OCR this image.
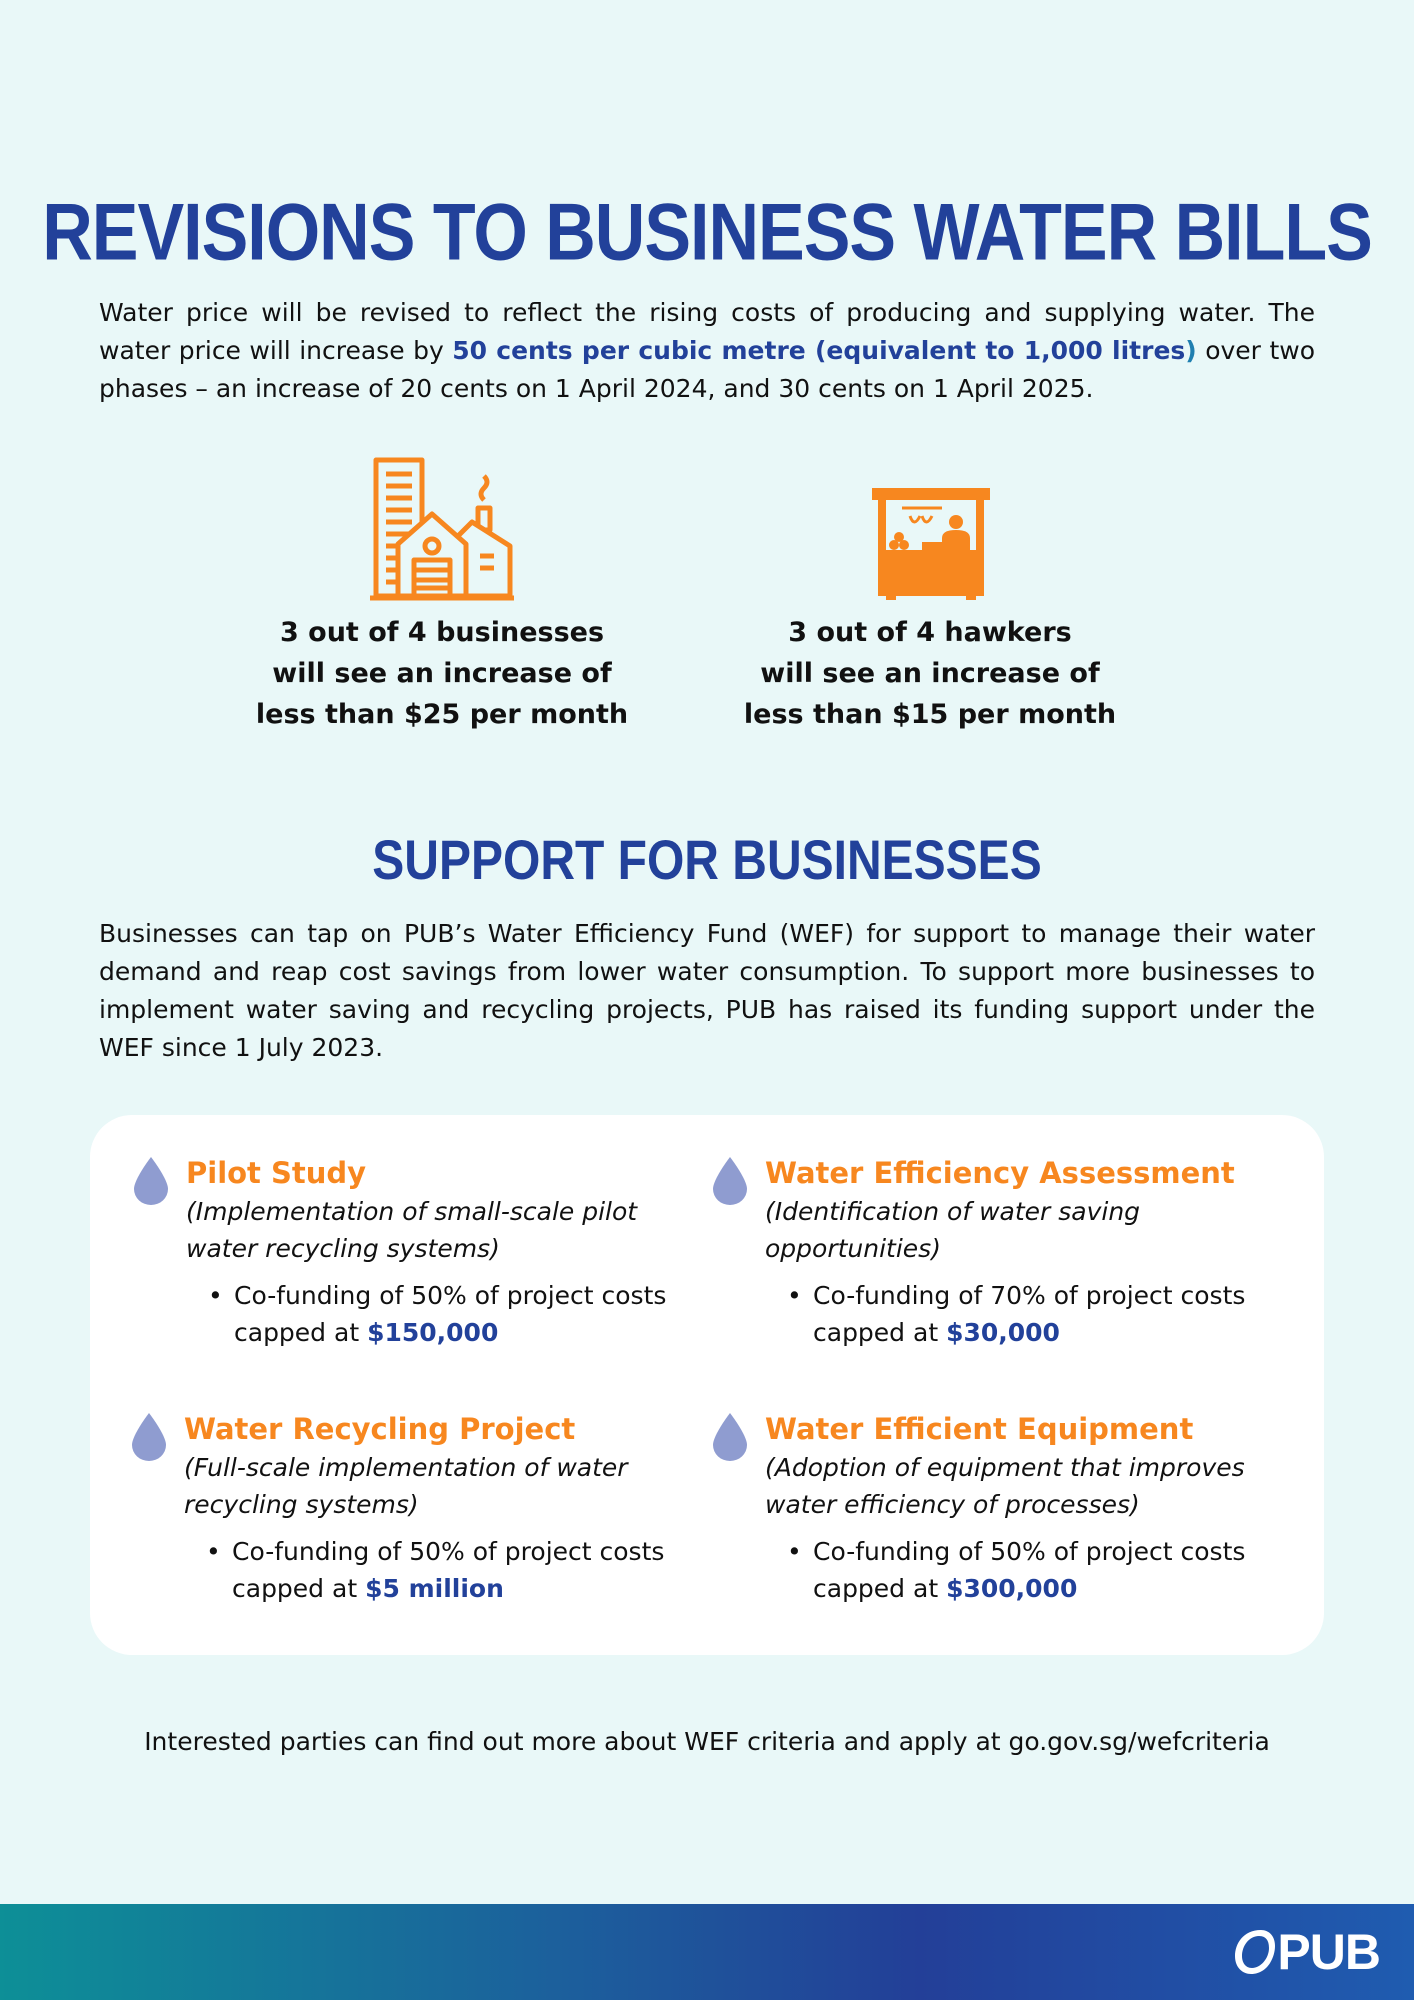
REVISIONS TO BUSINESS WATER BILLS

Water price will be revised to reflect the rising costs of producing and supplying water. The water price will increase by 50 cents per cubic metre (equivalent to 1,000 litres) over two phases – an increase of 20 cents on 1 April 2024, and 30 cents on 1 April 2025.

3 out of 4 businesses
will see an increase of
less than $25 per month

3 out of 4 hawkers
will see an increase of
less than $15 per month

SUPPORT FOR BUSINESSES

Businesses can tap on PUB’s Water Efficiency Fund (WEF) for support to manage their water demand and reap cost savings from lower water consumption. To support more businesses to implement water saving and recycling projects, PUB has raised its funding support under the WEF since 1 July 2023.

Pilot Study

(Implementation of small-scale pilot water recycling systems)

• Co-funding of 50% of project costs
capped at $150,000

Water Efficiency Assessment

(Identification of water saving opportunities)

• Co-funding of 70% of project costs
capped at $30,000

Water Recycling Project

(Full-scale implementation of water recycling systems)

• Co-funding of 50% of project costs
capped at $5 million

Water Efficient Equipment

(Adoption of equipment that improves water efficiency of processes)

• Co-funding of 50% of project costs
capped at $300,000

Interested parties can find out more about WEF criteria and apply at go.gov.sg/wefcriteria

PUB
